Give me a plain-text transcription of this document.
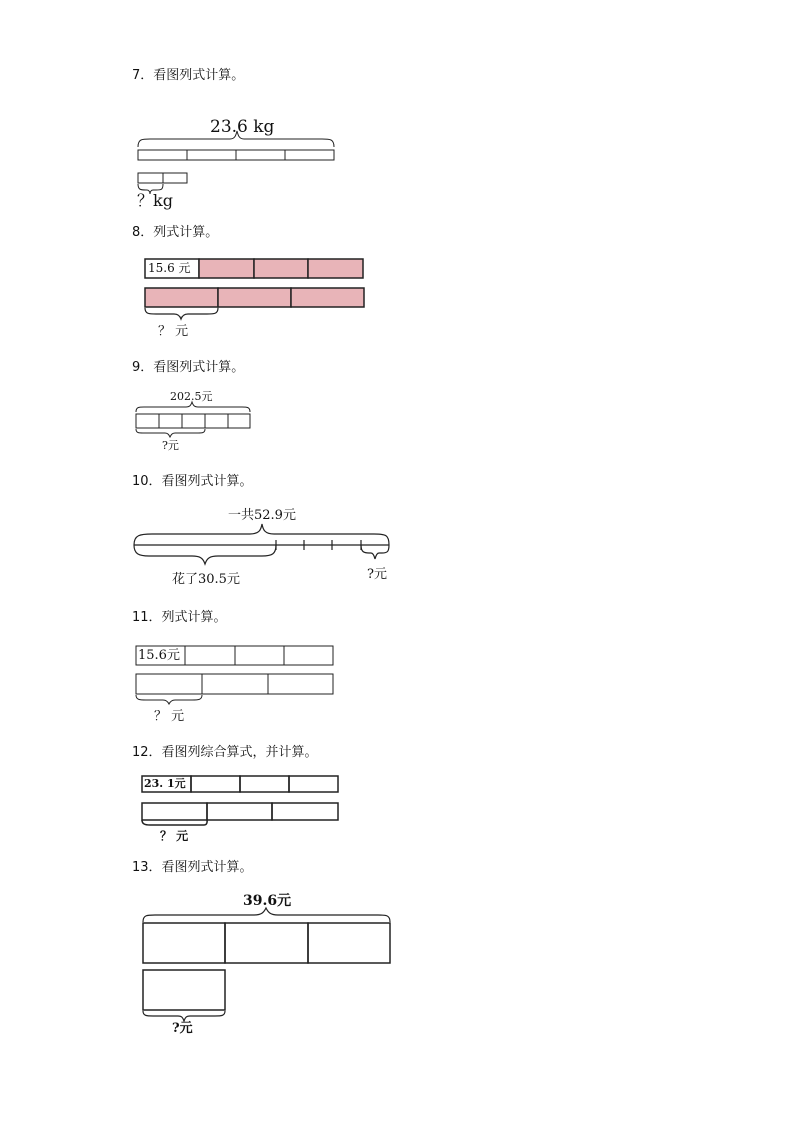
7．看图列式计算。
23.6 kg
？kg
8．列式计算。
15.6 元
？ 元
9．看图列式计算。
202.5元
?元
10．看图列式计算。
一共52.9元
花了30.5元	?元
11．列式计算。
15.6元
？ 元
12．看图列综合算式，并计算。
23. 1元
？ 元
13．看图列式计算。
39.6元
?元
